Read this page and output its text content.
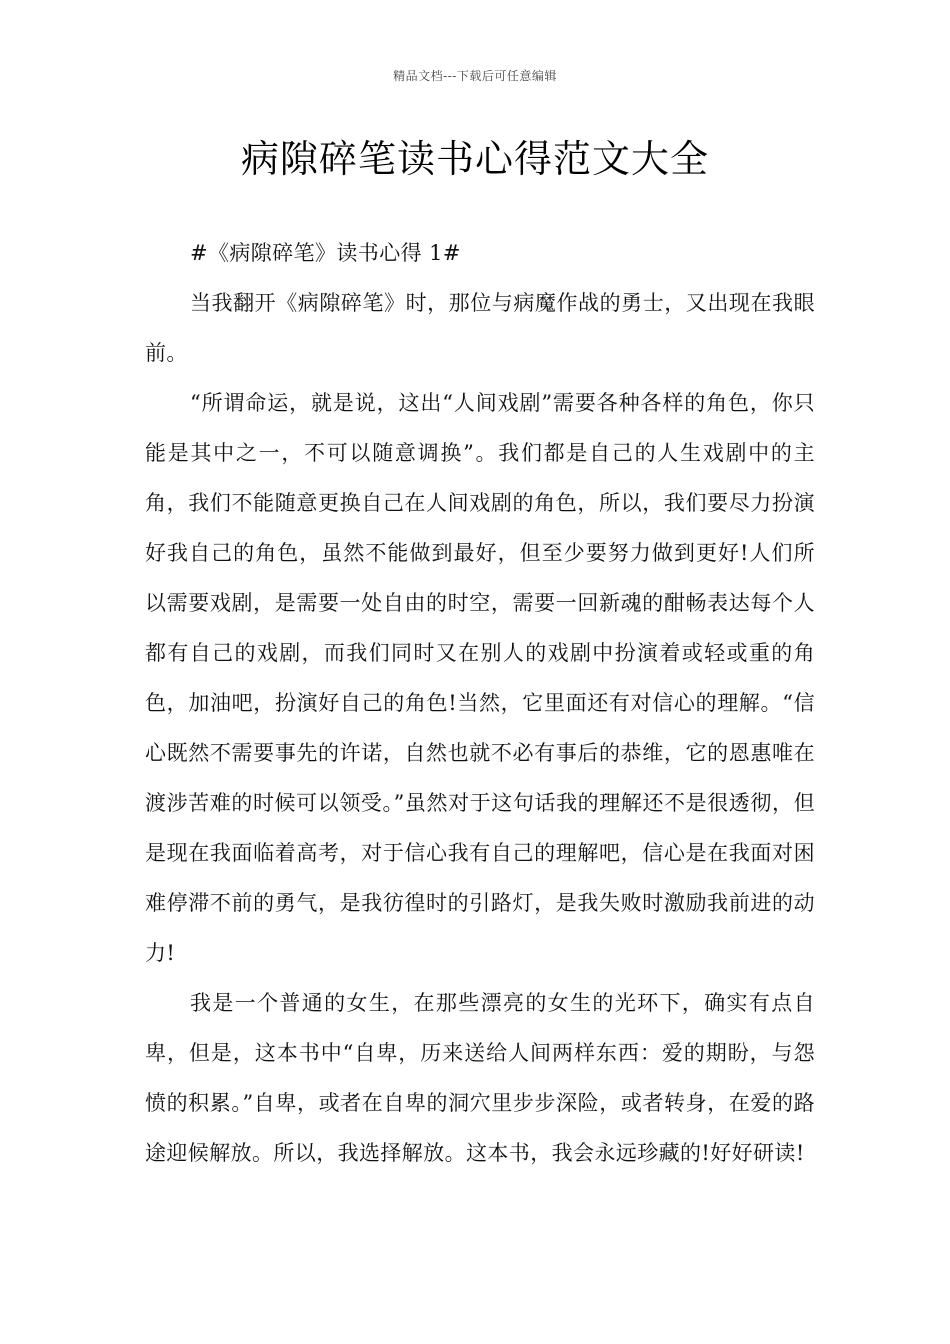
精品文档---下载后可任意编辑
病隙碎笔读书心得范文大全

#《病隙碎笔》读书心得 1#

当我翻开《病隙碎笔》时，那位与病魔作战的勇士，又出现在我眼前。

“所谓命运，就是说，这出“人间戏剧”需要各种各样的角色，你只能是其中之一，不可以随意调换”。我们都是自己的人生戏剧中的主角，我们不能随意更换自己在人间戏剧的角色，所以，我们要尽力扮演好我自己的角色，虽然不能做到最好，但至少要努力做到更好!人们所以需要戏剧，是需要一处自由的时空，需要一回新魂的酣畅表达每个人都有自己的戏剧，而我们同时又在别人的戏剧中扮演着或轻或重的角色，加油吧，扮演好自己的角色!当然，它里面还有对信心的理解。“信心既然不需要事先的许诺，自然也就不必有事后的恭维，它的恩惠唯在渡涉苦难的时候可以领受。”虽然对于这句话我的理解还不是很透彻，但是现在我面临着高考，对于信心我有自己的理解吧，信心是在我面对困难停滞不前的勇气，是我彷徨时的引路灯，是我失败时激励我前进的动力!

我是一个普通的女生，在那些漂亮的女生的光环下，确实有点自卑，但是，这本书中“自卑，历来送给人间两样东西：爱的期盼，与怨愤的积累。”自卑，或者在自卑的洞穴里步步深险，或者转身，在爱的路途迎候解放。所以，我选择解放。这本书，我会永远珍藏的!好好研读!
